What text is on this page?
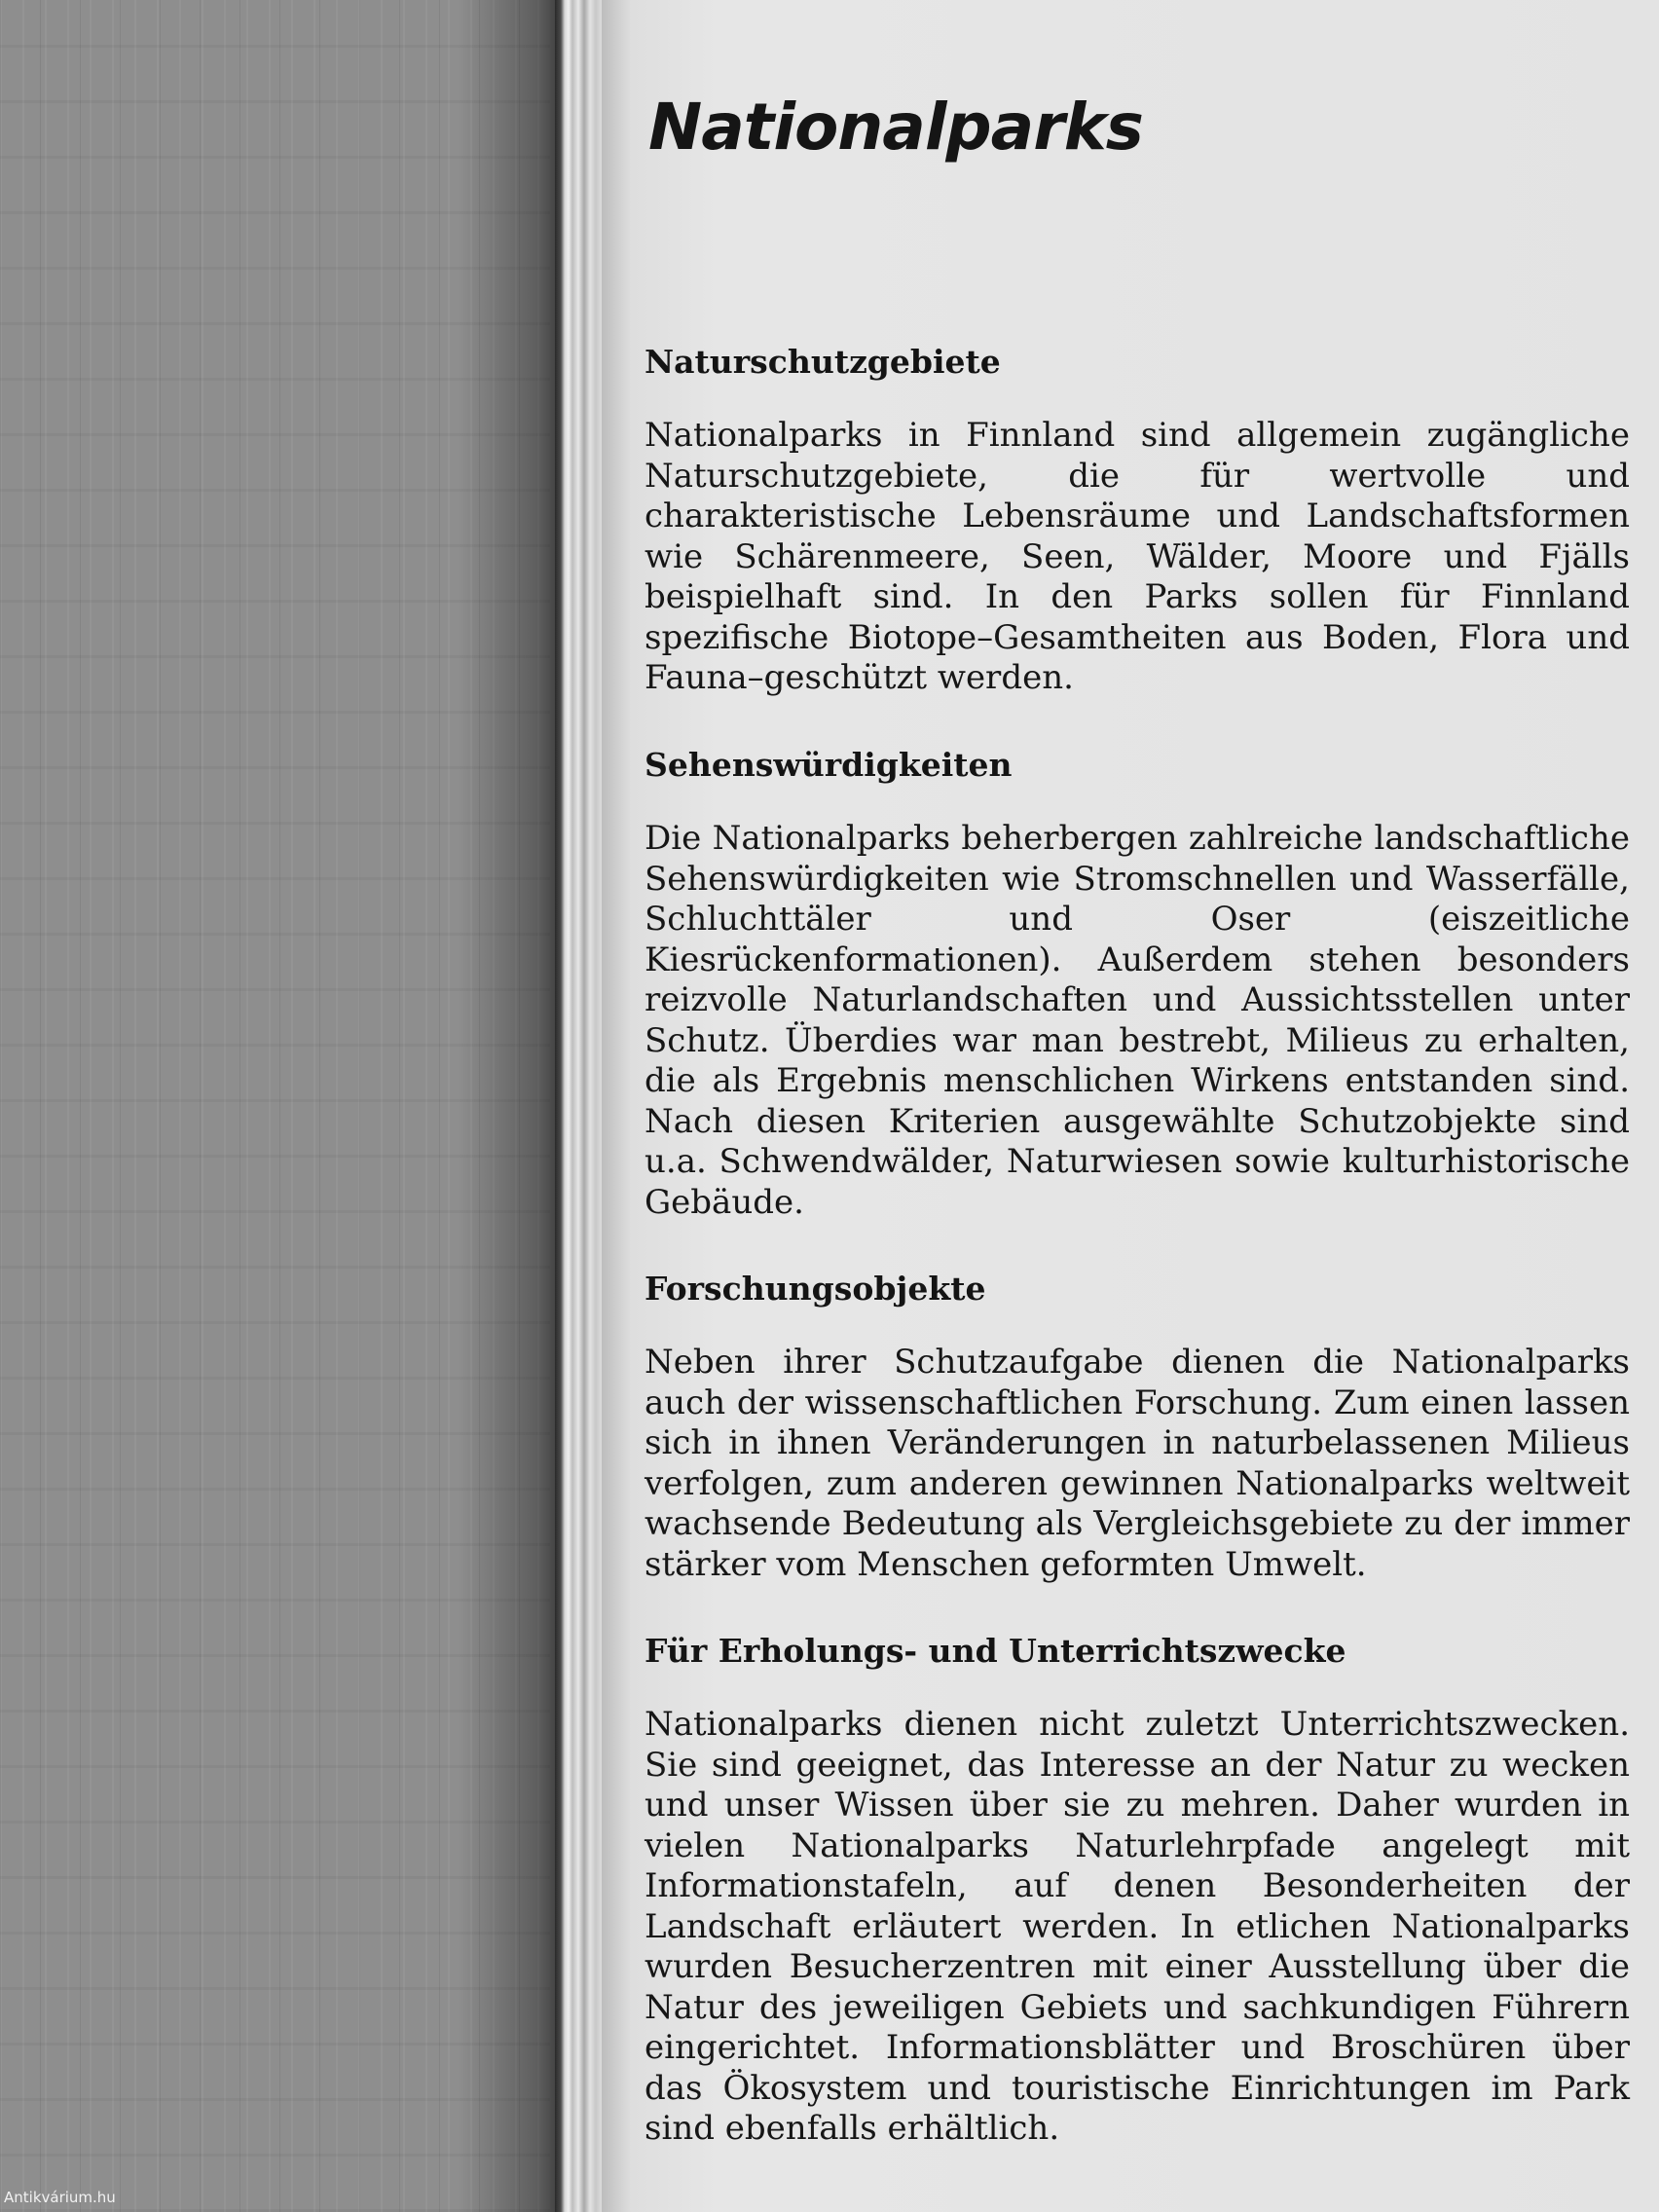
Nationalparks
Naturschutzgebiete

Nationalparks in Finnland sind allgemein zugängliche Naturschutzgebiete, die für wertvolle und charakteristische Lebensräume und Landschaftsformen wie Schärenmeere, Seen, Wälder, Moore und Fjälls beispielhaft sind. In den Parks sollen für Finnland spezifische Biotope–Gesamtheiten aus Boden, Flora und Fauna–geschützt werden.

Sehenswürdigkeiten

Die Nationalparks beherbergen zahlreiche landschaftliche Sehenswürdigkeiten wie Stromschnellen und Wasserfälle, Schluchttäler und Oser (eiszeitliche Kiesrückenformationen). Außerdem stehen besonders reizvolle Naturlandschaften und Aussichtsstellen unter Schutz. Überdies war man bestrebt, Milieus zu erhalten, die als Ergebnis menschlichen Wirkens entstanden sind. Nach diesen Kriterien ausgewählte Schutzobjekte sind u.a. Schwendwälder, Naturwiesen sowie kulturhistorische Gebäude.

Forschungsobjekte

Neben ihrer Schutzaufgabe dienen die Nationalparks auch der wissenschaftlichen Forschung. Zum einen lassen sich in ihnen Veränderungen in naturbelassenen Milieus verfolgen, zum anderen gewinnen Nationalparks weltweit wachsende Bedeutung als Vergleichsgebiete zu der immer stärker vom Menschen geformten Umwelt.

Für Erholungs- und Unterrichtszwecke

Nationalparks dienen nicht zuletzt Unterrichtszwecken. Sie sind geeignet, das Interesse an der Natur zu wecken und unser Wissen über sie zu mehren. Daher wurden in vielen Nationalparks Naturlehrpfade angelegt mit Informationstafeln, auf denen Besonderheiten der Landschaft erläutert werden. In etlichen Nationalparks wurden Besucherzentren mit einer Ausstellung über die Natur des jeweiligen Gebiets und sachkundigen Führern eingerichtet. Informationsblätter und Broschüren über das Ökosystem und touristische Einrichtungen im Park sind ebenfalls erhältlich.

Antikvárium.hu
